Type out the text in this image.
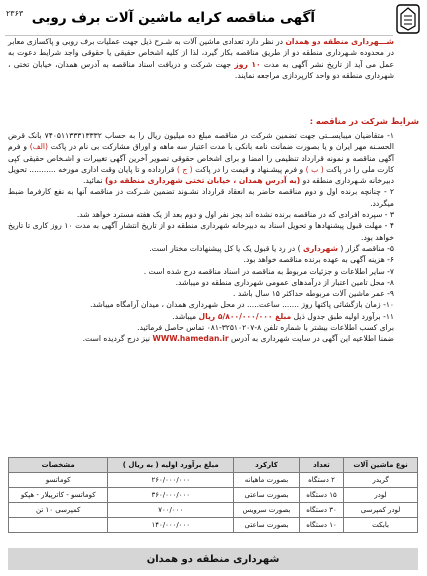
آگهی مناقصه کرایه ماشین آلات برف روبی
۲۳۶۳
شـــهرداری منطقه دو همدان در نظر دارد تعدادی ماشین آلات به شـرح ذیل جهت عملیات برف روبی و پاکسازی معابر در محدوده شـهرداری منطقه دو از طریق مناقصه بکار گیرد، لذا از کلیه اشخاص حقیقی یا حقوقی واجد شرایط دعوت به عمل می آید از تاریخ نشر آگهی به مدت ۱۰ روز جهت شرکت و دریافت اسناد مناقصه به آدرس همدان، خیابان تختی ، شهرداری منطقه دو واحد کارپردازی مراجعه نمایند.
شرایط شرکت در مناقصه :

۱- متقاضیان میبایســتی جهت تضمین شرکت در مناقصه مبلغ ده میلیون ریال را به حساب ۷۴۰۵۱۱۳۳۳۱۳۳۳۲ بانک قرض الحسـنه مهر ایران و یا بصورت ضمانت نامه بانکی با مدت اعتبار سه ماهه و اوراق مشارکت بی نام در پاکت (الف) و فرم آگهی مناقصه و نمونه قرارداد تنظیمی را امضا و برای اشخاص حقوقی تصویر آخرین آگهی تغییرات و اشـخاص حقیقی کپی کارت ملی را در پاکت ( ب ) و فرم پیشـنهاد و قیمت را در پاکت ( ج ) قرارداده و تا پایان وقت اداری مورخه ........... تحویل دبیرخانه شـهرداری منطقه دو (به آدرس همدان ، خیابان تختی شهرداری منطقه دو) نمائید.

۲ - چنانچه برنده اول و دوم مناقصه حاضر به انعقاد قرارداد نشـوند تضمین شـرکت در مناقصه آنها به نفع کارفرما ضبط میگردد.

۳ - سپرده افرادی که در مناقصه برنده نشده اند بجز نفر اول و دوم بعد از یک هفته مسترد خواهد شد.

۴ - مهلت قبول پیشنهادها و تحویل اسناد به دبیرخانه شهرداری منطقه دو از تاریخ انتشار آگهی به مدت ۱۰ روز کاری تا تاریخ خواهد بود.

۵- مناقصه گزار ( شهرداری ) در رد یا قبول یک یا کل پیشنهادات مختار است.

۶- هزینه آگهی به عهده برنده مناقصه خواهد بود.

۷- سایر اطلاعات و جزئیات مربوط به مناقصه در اسناد مناقصه درج شده است .

۸- محل تامین اعتبار از درآمدهای عمومی شهرداری منطقه دو میباشد.

۹- عمر ماشین آلات مربوطه حداکثر ۱۵ سال باشد .

۱۰- زمان بازگشائی پاکتها روز ....... ساعت..... در محل شهرداری همدان ، میدان آرامگاه میباشد.

۱۱- برآورد اولیه طبق جدول ذیل مبلغ ۵/۸۰۰/۰۰۰/۰۰۰ ریال میباشد.

برای کسب اطلاعات بیشتر با شماره تلفن ۸-۳۲۵۱۰۲۰۷-۰۸۱ تماس حاصل فرمائید.

ضمنا اطلاعیه این آگهی در سایت شهرداری به آدرس WWW.hamedan.ir نیز درج گردیده است.

نوع ماشین آلات	تعداد	کارکرد	مبلغ برآورد اولیه ( به ریال )	مشخصات
گریدر	۲ دستگاه	بصورت ماهیانه	۲۶۰/۰۰۰/۰۰۰	کوماتسو
لودر	۱۵ دستگاه	بصورت ساعتی	۳۶۰/۰۰۰/۰۰۰	کوماتسو - کاترپیلار - هپکو
لودر کمپرسی	۳۰ دستگاه	بصورت سرویس	۷۰۰/۰۰۰	کمپرسی ۱۰ تن
بابکت	۱۰ دستگاه	بصورت ساعتی	۱۴۰/۰۰۰/۰۰۰	
شهرداری منطقه دو همدان
